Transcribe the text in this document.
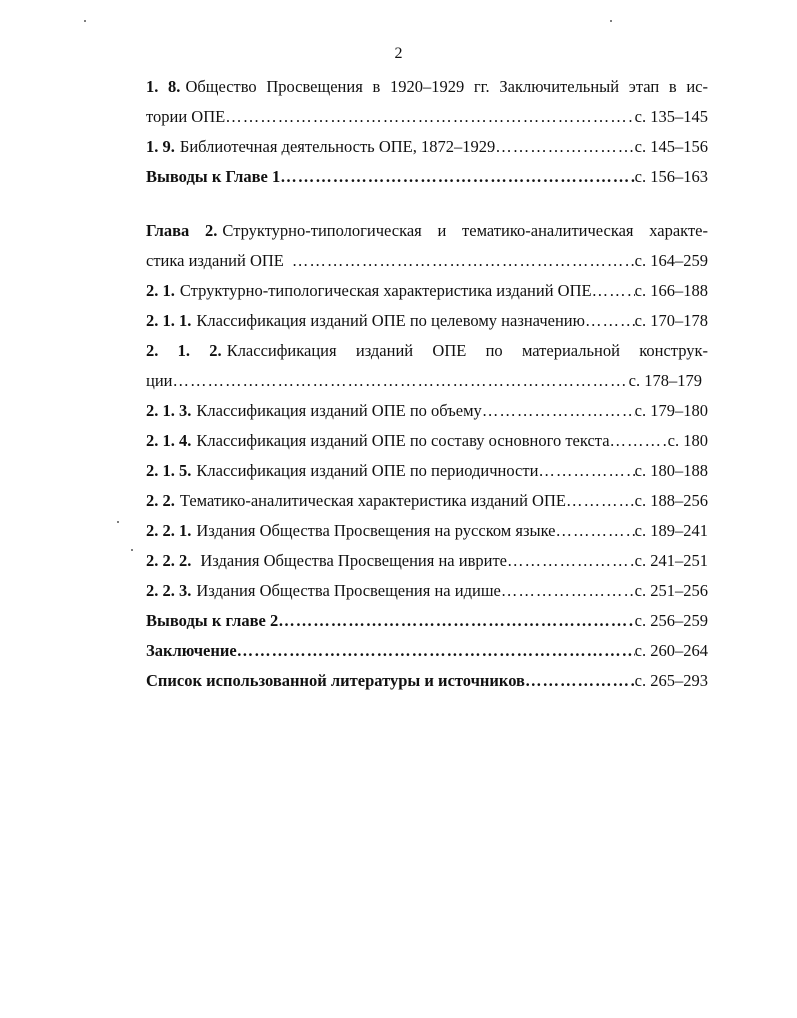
2
1. 8. Общество Просвещения в 1920–1929 гг. Заключительный этап в ис-
тории ОПЕ ……………………………………………………………………………………………………………………………………………	с. 135–145
1. 9. Библиотечная деятельность ОПЕ, 1872–1929 ……………………………………………………………………………………………………………………………………………	с. 145–156
Выводы к Главе 1 ……………………………………………………………………………………………………………………………………………	с. 156–163
Глава 2. Структурно-типологическая и тематико-аналитическая характе-
стика изданий ОПЕ ……………………………………………………………………………………………………………………………………………	с. 164–259
2. 1. Структурно-типологическая характеристика изданий ОПЕ ……………………………………………………………………………………………………………………………………………	с. 166–188
2. 1. 1. Классификация изданий ОПЕ по целевому назначению ……………………………………………………………………………………………………………………………………………	с. 170–178
2. 1. 2. Классификация изданий ОПЕ по материальной конструк-
ции ……………………………………………………………………………………………………………………………………………	с. 178–179
2. 1. 3. Классификация изданий ОПЕ по объему ……………………………………………………………………………………………………………………………………………	с. 179–180
2. 1. 4. Классификация изданий ОПЕ по составу основного текста ……………………………………………………………………………………………………………………………………………	с. 180
2. 1. 5. Классификация изданий ОПЕ по периодичности ……………………………………………………………………………………………………………………………………………	с. 180–188
2. 2. Тематико-аналитическая характеристика изданий ОПЕ ……………………………………………………………………………………………………………………………………………	с. 188–256
2. 2. 1. Издания Общества Просвещения на русском языке ……………………………………………………………………………………………………………………………………………	с. 189–241
2. 2. 2. Издания Общества Просвещения на иврите ……………………………………………………………………………………………………………………………………………	с. 241–251
2. 2. 3. Издания Общества Просвещения на идише ……………………………………………………………………………………………………………………………………………	с. 251–256
Выводы к главе 2 ……………………………………………………………………………………………………………………………………………	с. 256–259
Заключение ……………………………………………………………………………………………………………………………………………	с. 260–264
Список использованной литературы и источников ……………………………………………………………………………………………………………………………………………	с. 265–293
